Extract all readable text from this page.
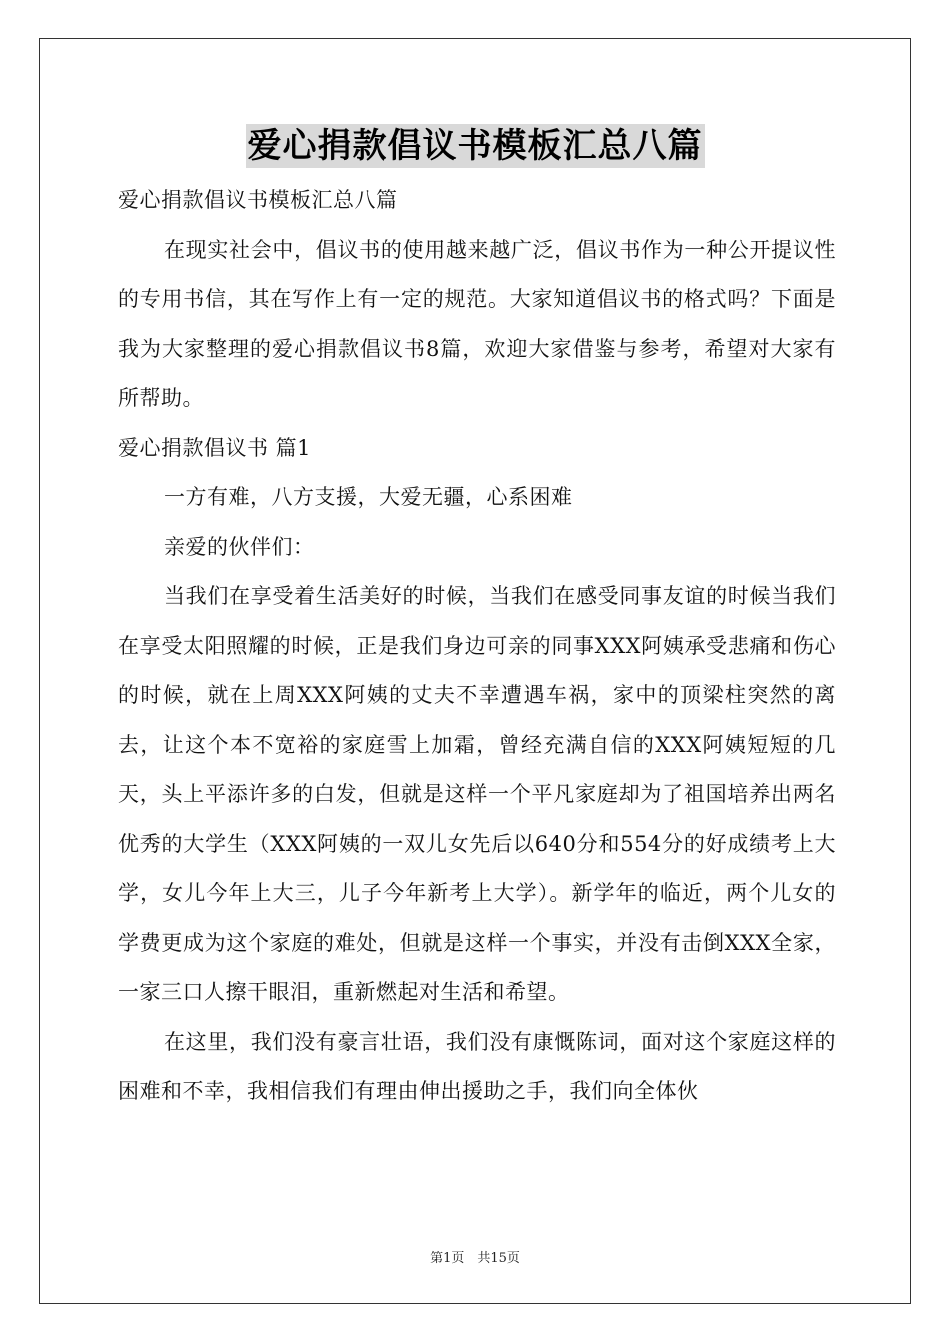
爱心捐款倡议书模板汇总八篇

爱心捐款倡议书模板汇总八篇

在现实社会中，倡议书的使用越来越广泛，倡议书作为一种公开提议性的专用书信，其在写作上有一定的规范。大家知道倡议书的格式吗？下面是我为大家整理的爱心捐款倡议书8篇，欢迎大家借鉴与参考，希望对大家有所帮助。

爱心捐款倡议书 篇1

一方有难，八方支援，大爱无疆，心系困难

亲爱的伙伴们：

当我们在享受着生活美好的时候，当我们在感受同事友谊的时候当我们在享受太阳照耀的时候，正是我们身边可亲的同事XXX阿姨承受悲痛和伤心的时候，就在上周XXX阿姨的丈夫不幸遭遇车祸，家中的顶梁柱突然的离去，让这个本不宽裕的家庭雪上加霜，曾经充满自信的XXX阿姨短短的几天，头上平添许多的白发，但就是这样一个平凡家庭却为了祖国培养出两名优秀的大学生（XXX阿姨的一双儿女先后以640分和554分的好成绩考上大学，女儿今年上大三，儿子今年新考上大学）。新学年的临近，两个儿女的学费更成为这个家庭的难处，但就是这样一个事实，并没有击倒XXX全家，一家三口人擦干眼泪，重新燃起对生活和希望。

在这里，我们没有豪言壮语，我们没有康慨陈词，面对这个家庭这样的困难和不幸，我相信我们有理由伸出援助之手，我们向全体伙

第1页　共15页
